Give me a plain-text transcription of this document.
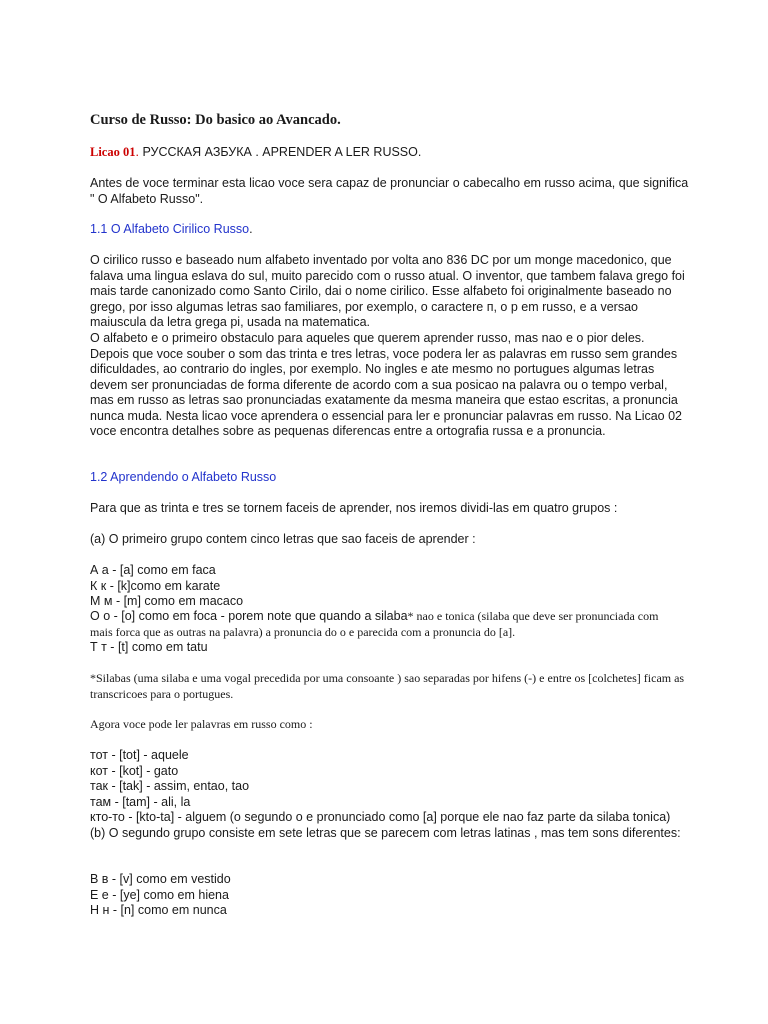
Curso de Russo: Do basico ao Avancado.
Licao 01. РУССКАЯ АЗБУКА . APRENDER A LER RUSSO.

Antes de voce terminar esta licao voce sera capaz de pronunciar o cabecalho em russo acima, que significa " O Alfabeto Russo".

1.1 O Alfabeto Cirilico Russo.

O cirilico russo e baseado num alfabeto inventado por volta ano 836 DC por um monge macedonico, que falava uma lingua eslava do sul, muito parecido com o russo atual. O inventor, que tambem falava grego foi mais tarde canonizado como Santo Cirilo, dai o nome cirilico. Esse alfabeto foi originalmente baseado no grego, por isso algumas letras sao familiares, por exemplo, o caractere п, o р em russo, e a versao maiuscula da letra grega pi, usada na matematica.

O alfabeto e o primeiro obstaculo para aqueles que querem aprender russo, mas nao e o pior deles. Depois que voce souber o som das trinta e tres letras, voce podera ler as palavras em russo sem grandes dificuldades, ao contrario do ingles, por exemplo. No ingles e ate mesmo no portugues algumas letras devem ser pronunciadas de forma diferente de acordo com a sua posicao na palavra ou o tempo verbal, mas em russo as letras sao pronunciadas exatamente da mesma maneira que estao escritas, a pronuncia nunca muda. Nesta licao voce aprendera o essencial para ler e pronunciar palavras em russo. Na Licao 02 voce encontra detalhes sobre as pequenas diferencas entre a ortografia russa e a pronuncia.

1.2 Aprendendo o Alfabeto Russo

Para que as trinta e tres se tornem faceis de aprender, nos iremos dividi-las em quatro grupos :

(a) O primeiro grupo contem cinco letras que sao faceis de aprender :

А а - [a] como em faca
К к - [k]como em karate
М м - [m] como em macaco

О о - [o] como em foca - porem note que quando a silaba* nao e tonica (silaba que deve ser pronunciada com mais forca que as outras na palavra) a pronuncia do o e parecida com a pronuncia do [a].

Т т - [t] como em tatu

*Silabas (uma silaba e uma vogal precedida por uma consoante ) sao separadas por hifens (-) e entre os [colchetes] ficam as transcricoes para o portugues.

Agora voce pode ler palavras em russo como :

тот - [tot] - aquele
кот - [kot] - gato
так - [tak] - assim, entao, tao
там - [tam] - ali, la
кто-то - [kto-ta] - alguem (o segundo o e pronunciado como [a] porque ele nao faz parte da silaba tonica)

(b) O segundo grupo consiste em sete letras que se parecem com letras latinas , mas tem sons diferentes:

В в - [v] como em vestido
Е е - [ye] como em hiena
Н н - [n] como em nunca
